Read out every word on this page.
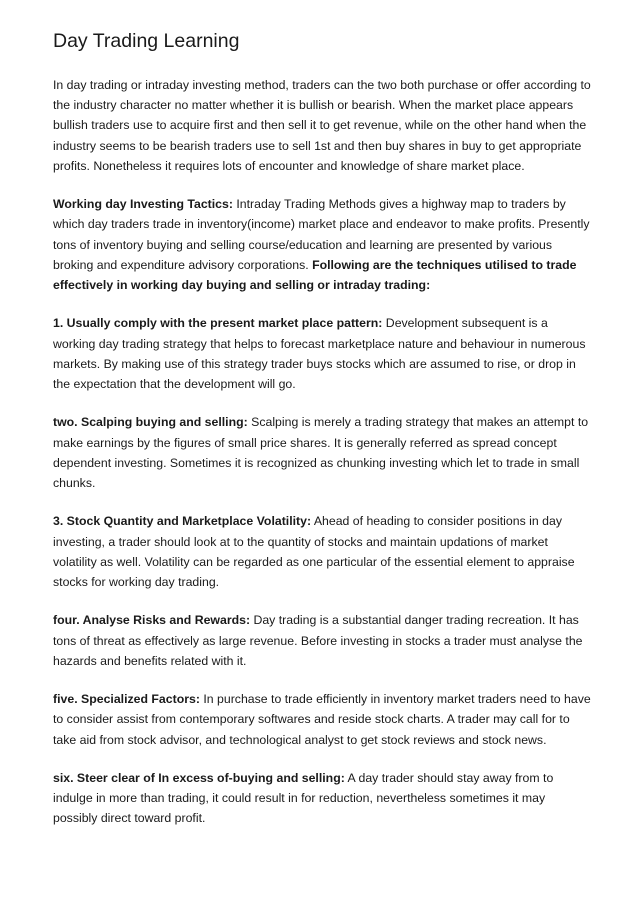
Day Trading Learning

In day trading or intraday investing method, traders can the two both purchase or offer according to the industry character no matter whether it is bullish or bearish. When the market place appears bullish traders use to acquire first and then sell it to get revenue, while on the other hand when the industry seems to be bearish traders use to sell 1st and then buy shares in buy to get appropriate profits. Nonetheless it requires lots of encounter and knowledge of share market place.

Working day Investing Tactics: Intraday Trading Methods gives a highway map to traders by which day traders trade in inventory(income) market place and endeavor to make profits. Presently tons of inventory buying and selling course/education and learning are presented by various broking and expenditure advisory corporations. Following are the techniques utilised to trade effectively in working day buying and selling or intraday trading:

1. Usually comply with the present market place pattern: Development subsequent is a working day trading strategy that helps to forecast marketplace nature and behaviour in numerous markets. By making use of this strategy trader buys stocks which are assumed to rise, or drop in the expectation that the development will go.

two. Scalping buying and selling: Scalping is merely a trading strategy that makes an attempt to make earnings by the figures of small price shares. It is generally referred as spread concept dependent investing. Sometimes it is recognized as chunking investing which let to trade in small chunks.

3. Stock Quantity and Marketplace Volatility: Ahead of heading to consider positions in day investing, a trader should look at to the quantity of stocks and maintain updations of market volatility as well. Volatility can be regarded as one particular of the essential element to appraise stocks for working day trading.

four. Analyse Risks and Rewards: Day trading is a substantial danger trading recreation. It has tons of threat as effectively as large revenue. Before investing in stocks a trader must analyse the hazards and benefits related with it.

five. Specialized Factors: In purchase to trade efficiently in inventory market traders need to have to consider assist from contemporary softwares and reside stock charts. A trader may call for to take aid from stock advisor, and technological analyst to get stock reviews and stock news.

six. Steer clear of In excess of-buying and selling: A day trader should stay away from to indulge in more than trading, it could result in for reduction, nevertheless sometimes it may possibly direct toward profit.
